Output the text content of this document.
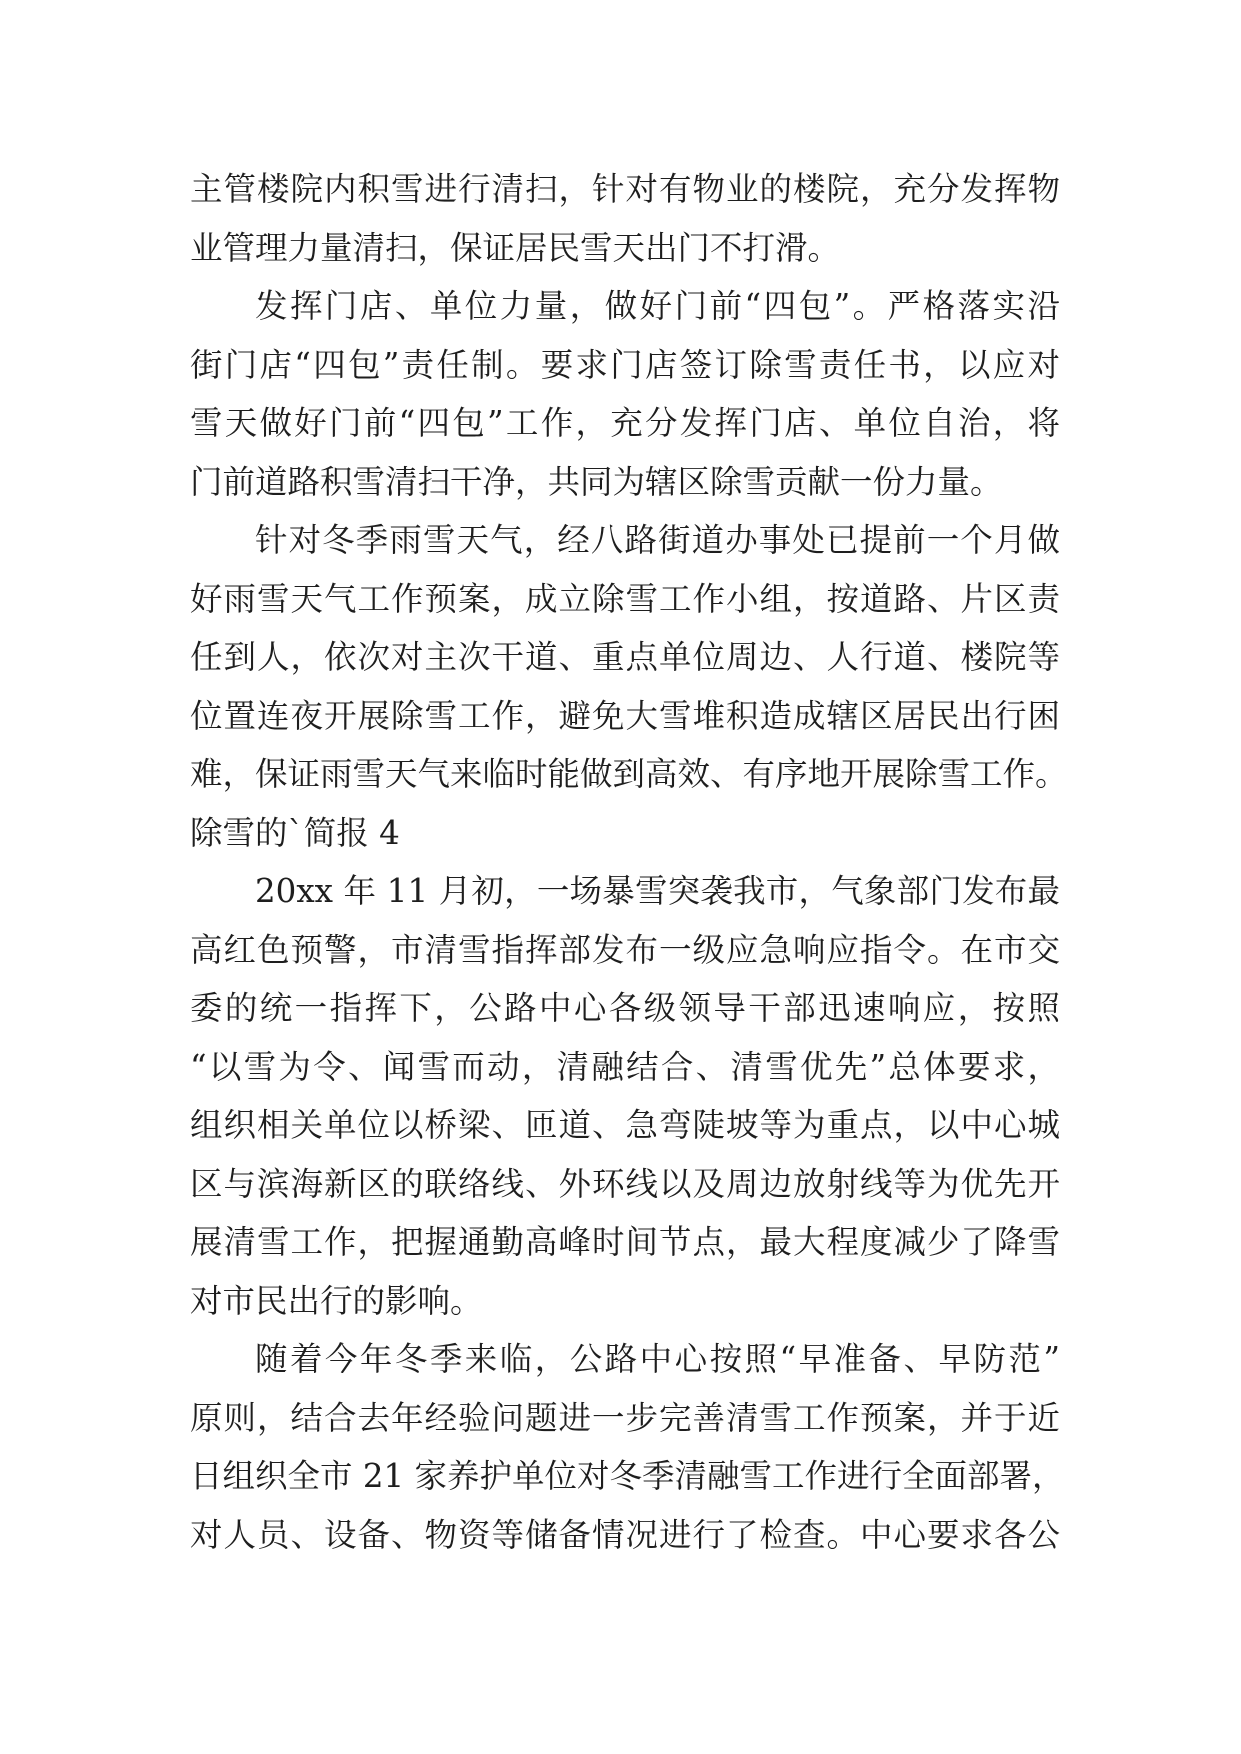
主管楼院内积雪进行清扫，针对有物业的楼院，充分发挥物
业管理力量清扫，保证居民雪天出门不打滑。
发挥门店、单位力量，做好门前“四包”。严格落实沿
街门店“四包”责任制。要求门店签订除雪责任书，以应对
雪天做好门前“四包”工作，充分发挥门店、单位自治，将
门前道路积雪清扫干净，共同为辖区除雪贡献一份力量。
针对冬季雨雪天气，经八路街道办事处已提前一个月做
好雨雪天气工作预案，成立除雪工作小组，按道路、片区责
任到人，依次对主次干道、重点单位周边、人行道、楼院等
位置连夜开展除雪工作，避免大雪堆积造成辖区居民出行困
难，保证雨雪天气来临时能做到高效、有序地开展除雪工作。
除雪的`简报 4
20xx 年 11 月初，一场暴雪突袭我市，气象部门发布最
高红色预警，市清雪指挥部发布一级应急响应指令。在市交
委的统一指挥下，公路中心各级领导干部迅速响应，按照
“以雪为令、闻雪而动，清融结合、清雪优先”总体要求，
组织相关单位以桥梁、匝道、急弯陡坡等为重点，以中心城
区与滨海新区的联络线、外环线以及周边放射线等为优先开
展清雪工作，把握通勤高峰时间节点，最大程度减少了降雪
对市民出行的影响。
随着今年冬季来临，公路中心按照“早准备、早防范”
原则，结合去年经验问题进一步完善清雪工作预案，并于近
日组织全市 21 家养护单位对冬季清融雪工作进行全面部署，
对人员、设备、物资等储备情况进行了检查。中心要求各公
